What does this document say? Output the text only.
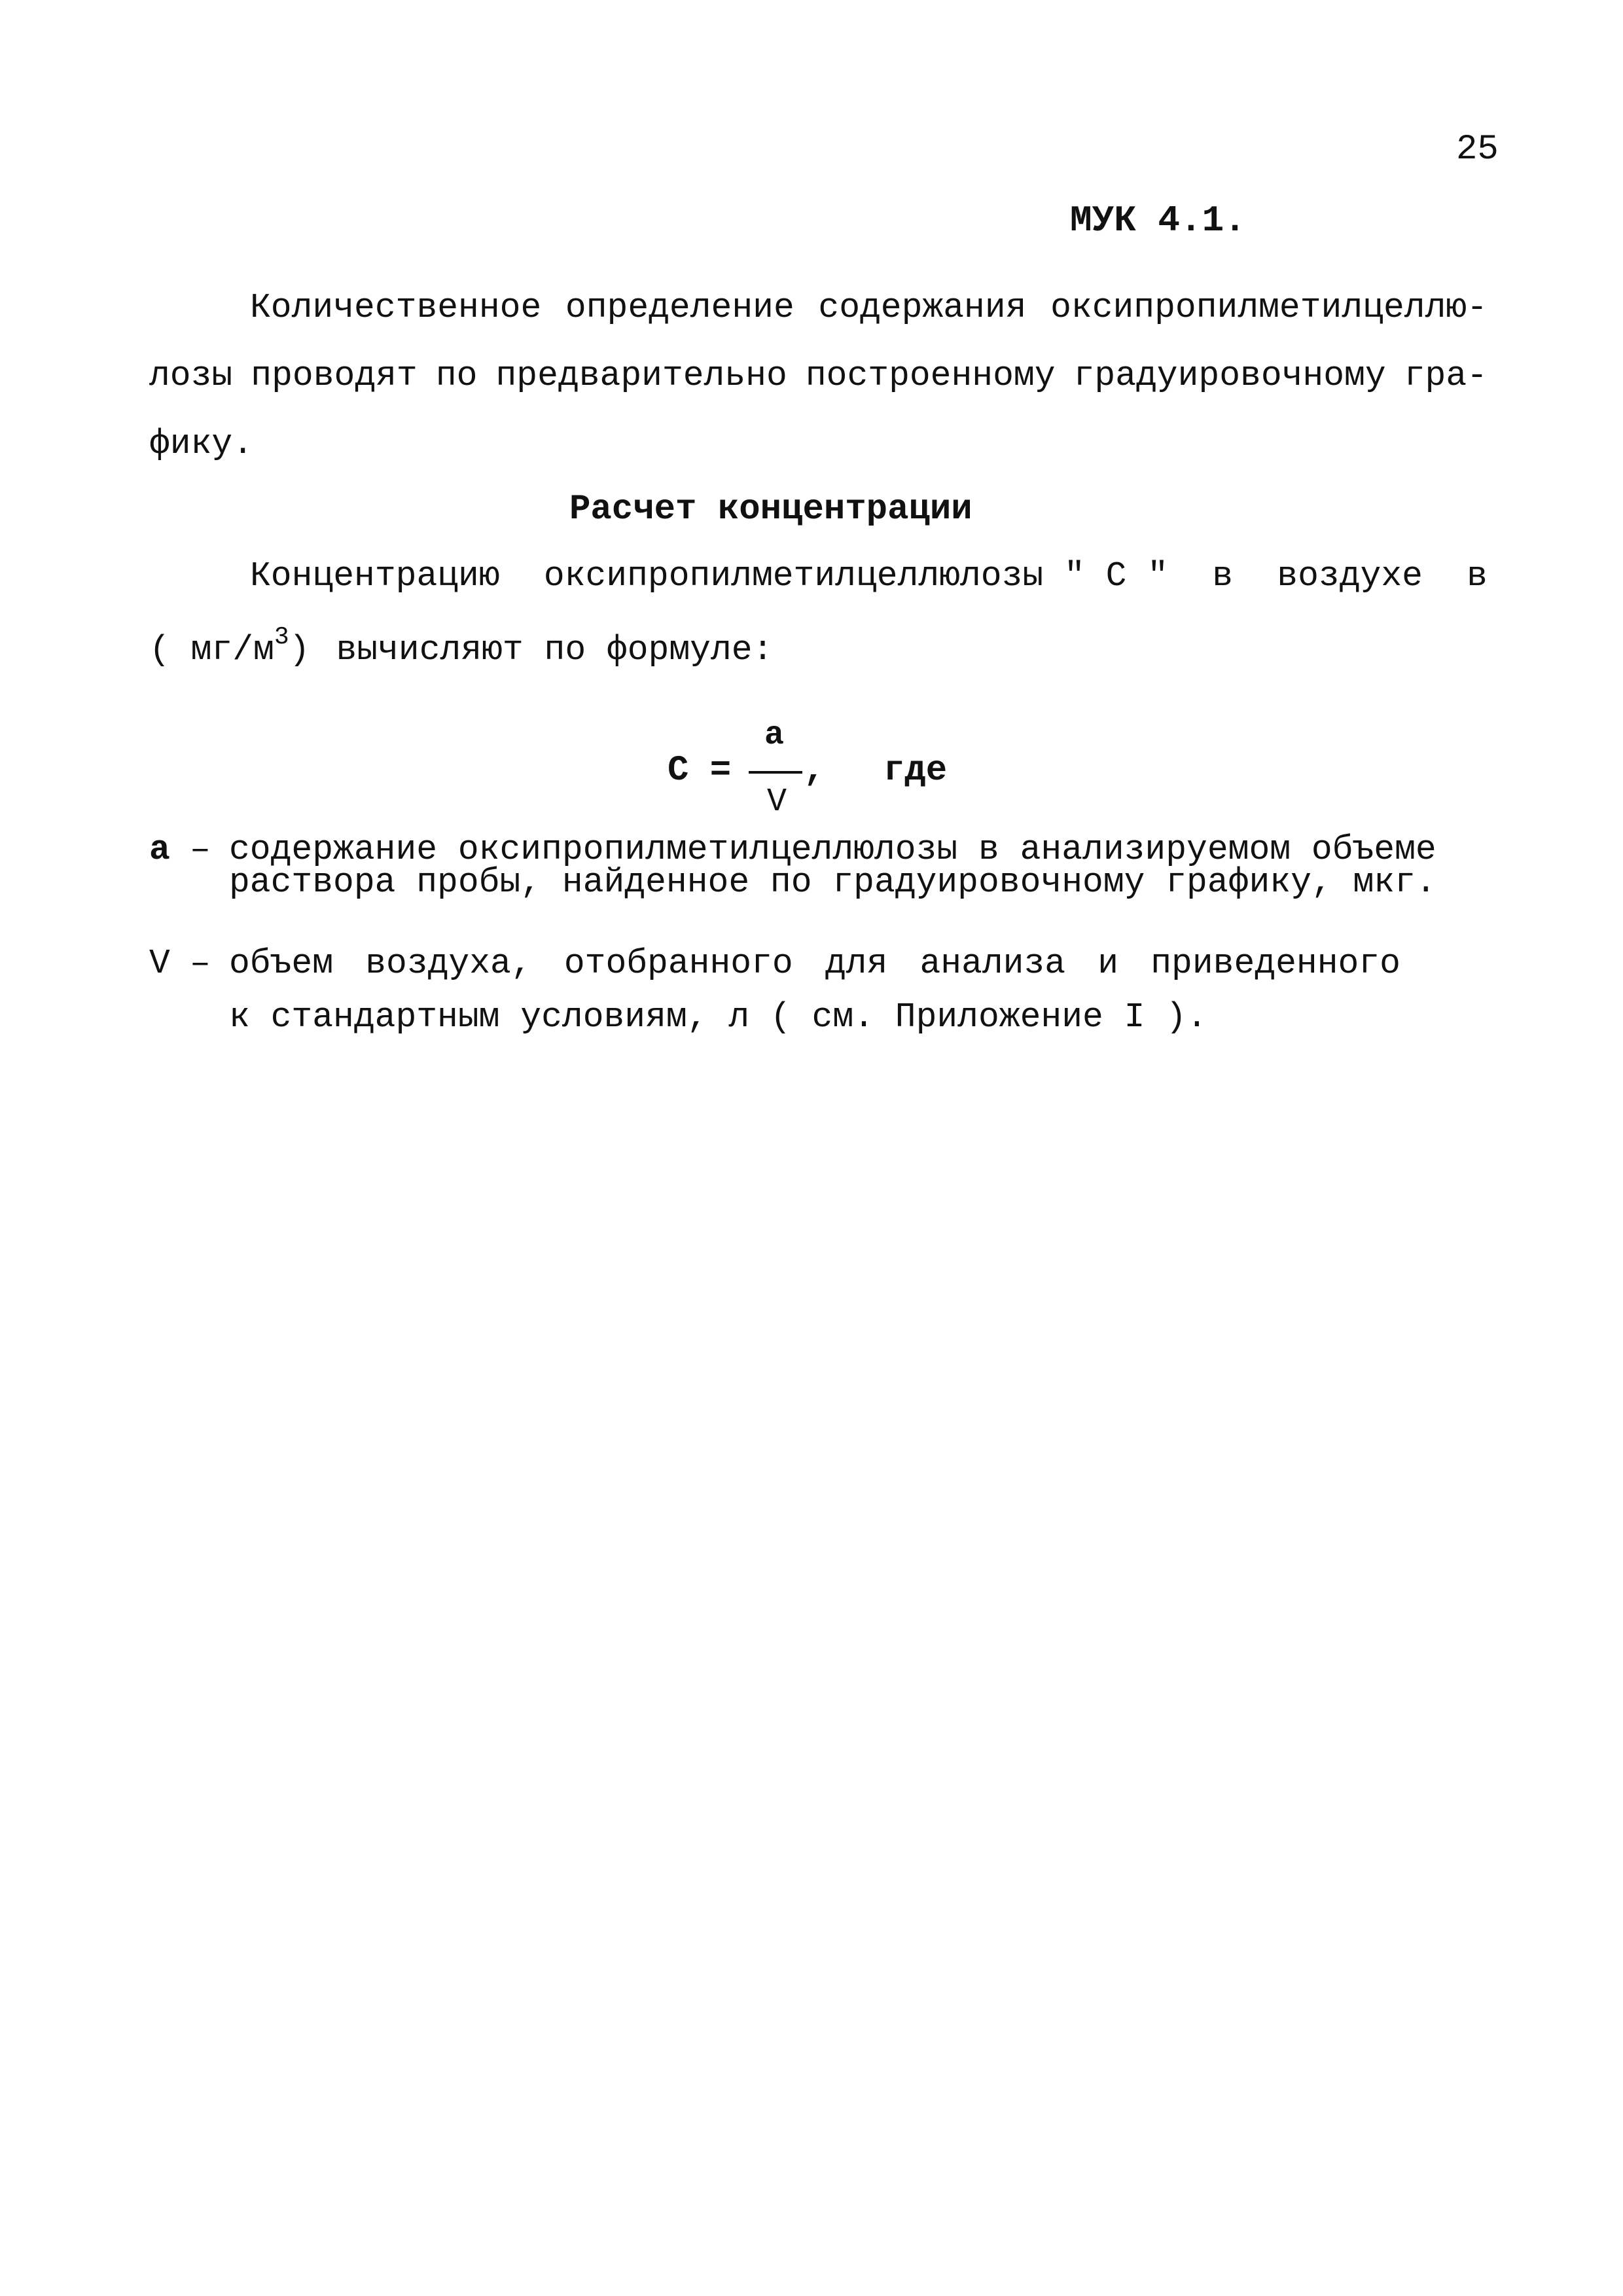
25
МУК 4.1.
Количественное определение содержания оксипропилметилцеллю-
лозы проводят по предварительно построенному градуировочному гра-
фику.
Расчет концентрации
Концентрацию оксипропилметилцеллюлозы " С " в воздухе в
( $мг/м^3$) вычисляют по формуле:
С =
а
V
, где
а – содержание оксипропилметилцеллюлозы в анализируемом объеме
раствора пробы, найденное по градуировочному графику, мкг.
V – объем воздуха, отобранного для анализа и приведенного
к стандартным условиям, л ( см. Приложение I ).
